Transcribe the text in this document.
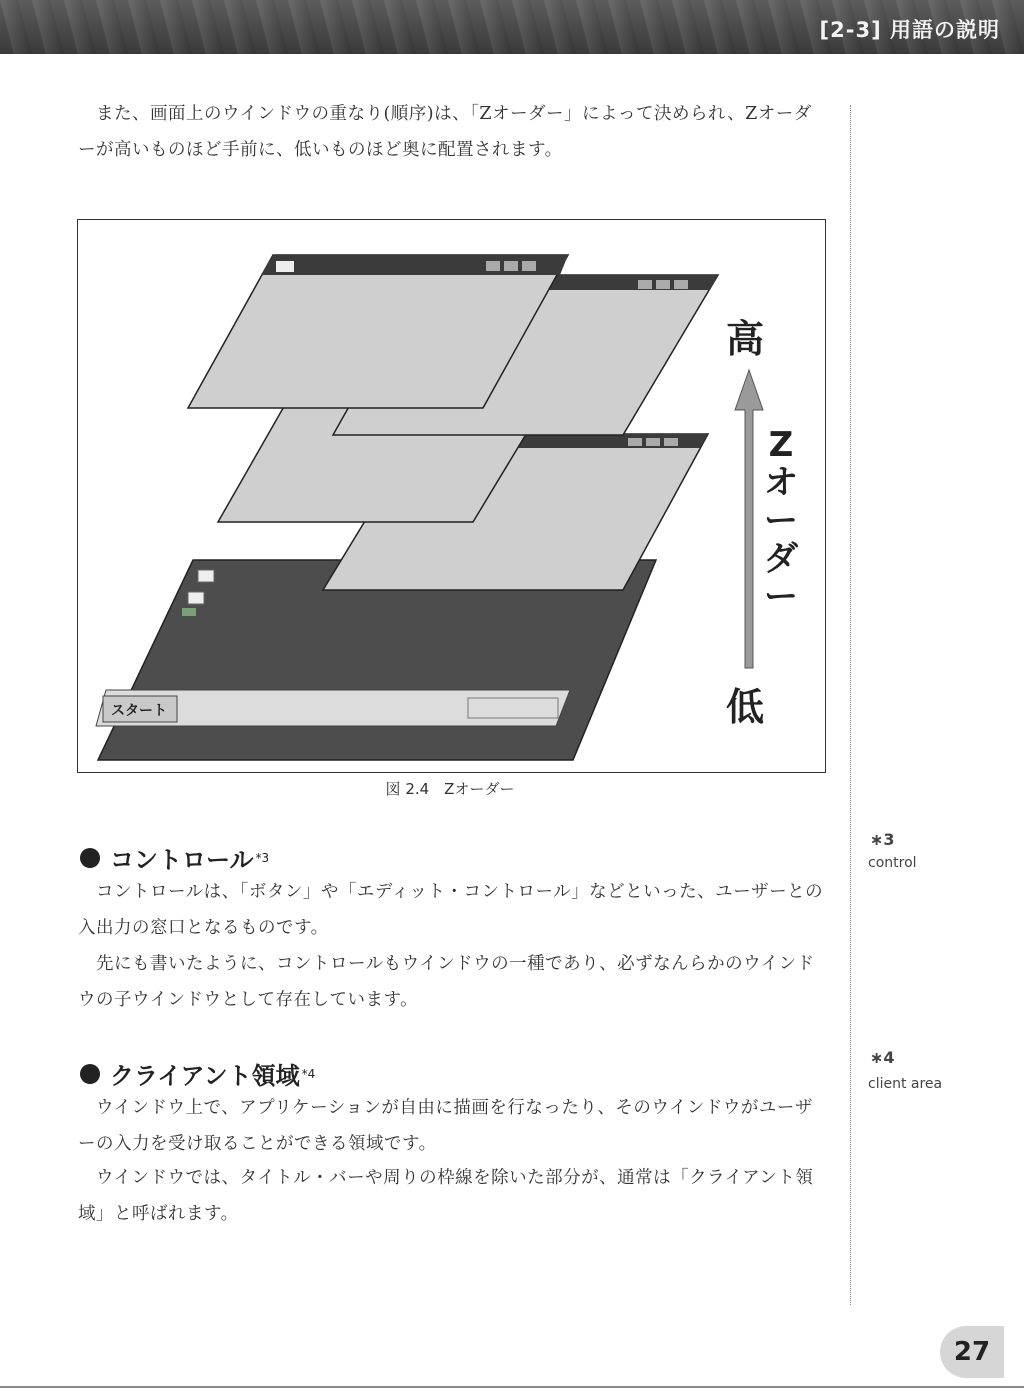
[2-3] 用語の説明

また、画面上のウインドウの重なり(順序)は、「Zオーダー」によって決められ、Zオーダーが高いものほど手前に、低いものほど奥に配置されます。

スタート
高
Z
オ
ー
ダ
ー
低
図 2.4　Zオーダー
コントロール *3

コントロールは、「ボタン」や「エディット・コントロール」などといった、ユーザーとの入出力の窓口となるものです。

先にも書いたように、コントロールもウインドウの一種であり、必ずなんらかのウインドウの子ウインドウとして存在しています。

クライアント領域 *4

ウインドウ上で、アプリケーションが自由に描画を行なったり、そのウインドウがユーザーの入力を受け取ることができる領域です。

ウインドウでは、タイトル・バーや周りの枠線を除いた部分が、通常は「クライアント領域」と呼ばれます。

∗3
control
∗4
client area
27
